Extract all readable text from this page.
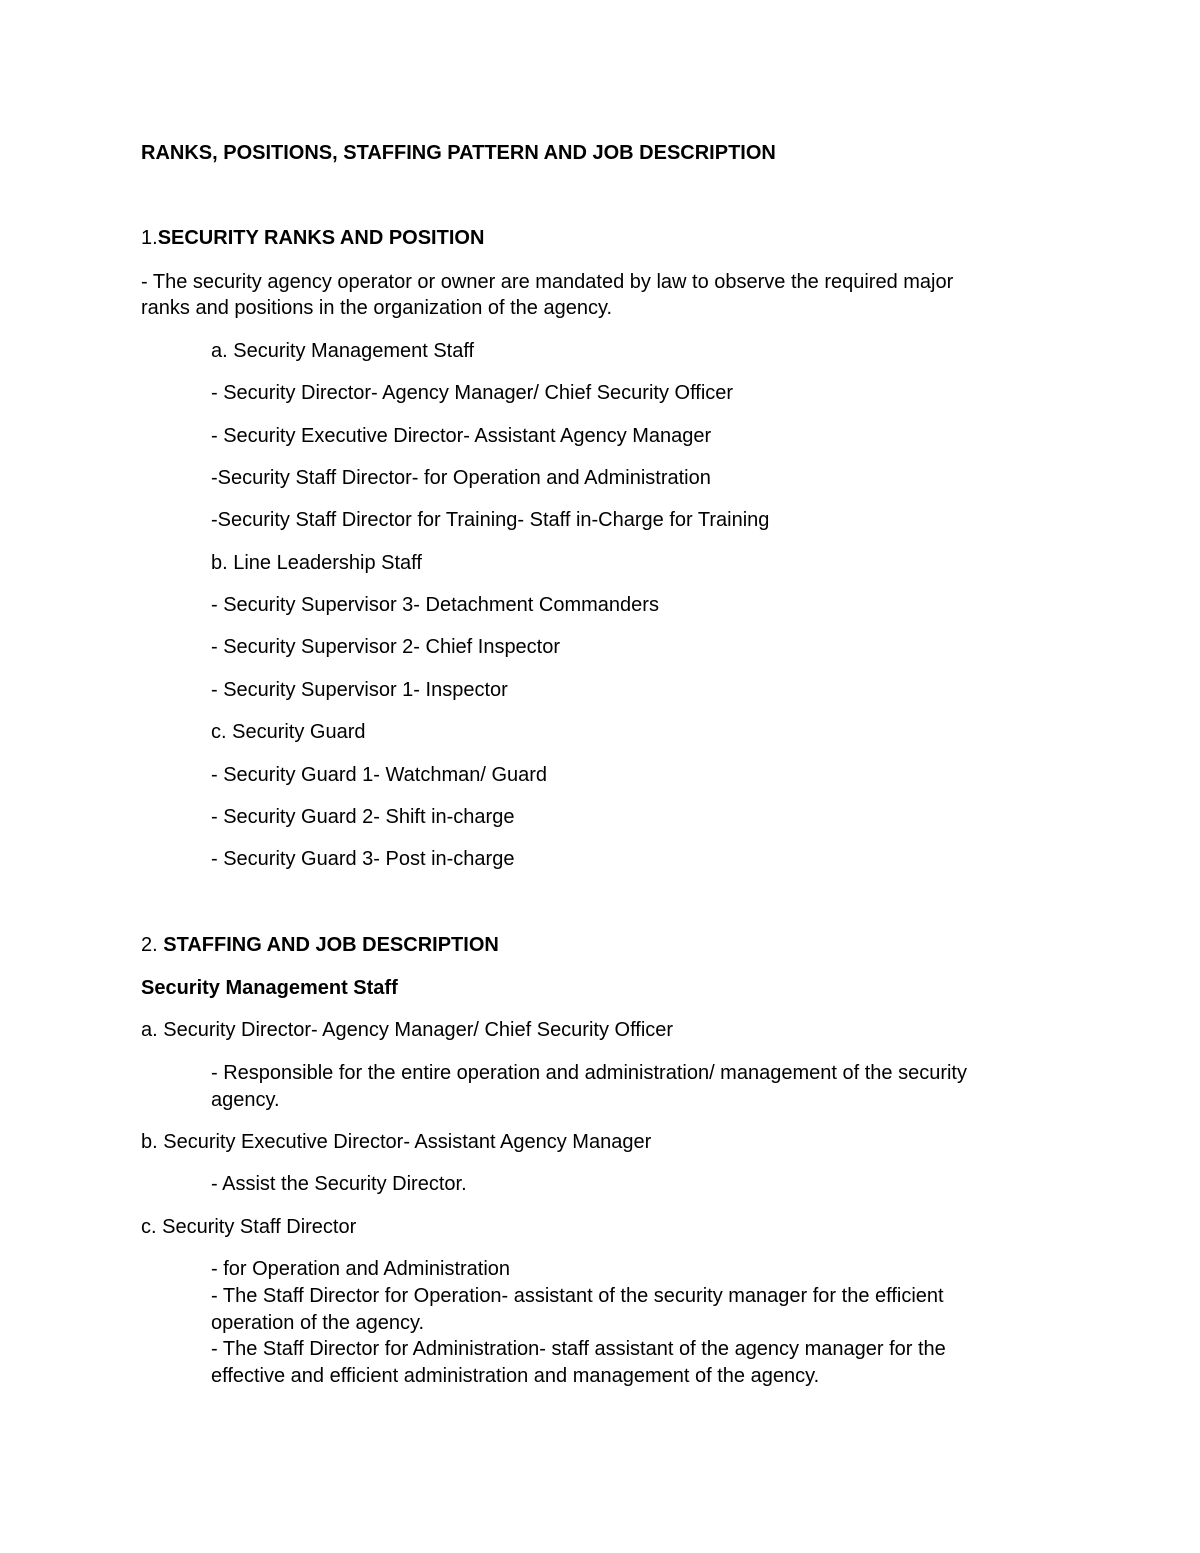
RANKS, POSITIONS, STAFFING PATTERN AND JOB DESCRIPTION
1.SECURITY RANKS AND POSITION
- The security agency operator or owner are mandated by law to observe the required major
ranks and positions in the organization of the agency.
a. Security Management Staff
- Security Director- Agency Manager/ Chief Security Officer
- Security Executive Director- Assistant Agency Manager
-Security Staff Director- for Operation and Administration
-Security Staff Director for Training- Staff in-Charge for Training
b. Line Leadership Staff
- Security Supervisor 3- Detachment Commanders
- Security Supervisor 2- Chief Inspector
- Security Supervisor 1- Inspector
c. Security Guard
- Security Guard 1- Watchman/ Guard
- Security Guard 2- Shift in-charge
- Security Guard 3- Post in-charge
2. STAFFING AND JOB DESCRIPTION
Security Management Staff
a. Security Director- Agency Manager/ Chief Security Officer
- Responsible for the entire operation and administration/ management of the security
agency.
b. Security Executive Director- Assistant Agency Manager
- Assist the Security Director.
c. Security Staff Director
- for Operation and Administration
- The Staff Director for Operation- assistant of the security manager for the efficient
operation of the agency.
- The Staff Director for Administration- staff assistant of the agency manager for the
effective and efficient administration and management of the agency.
